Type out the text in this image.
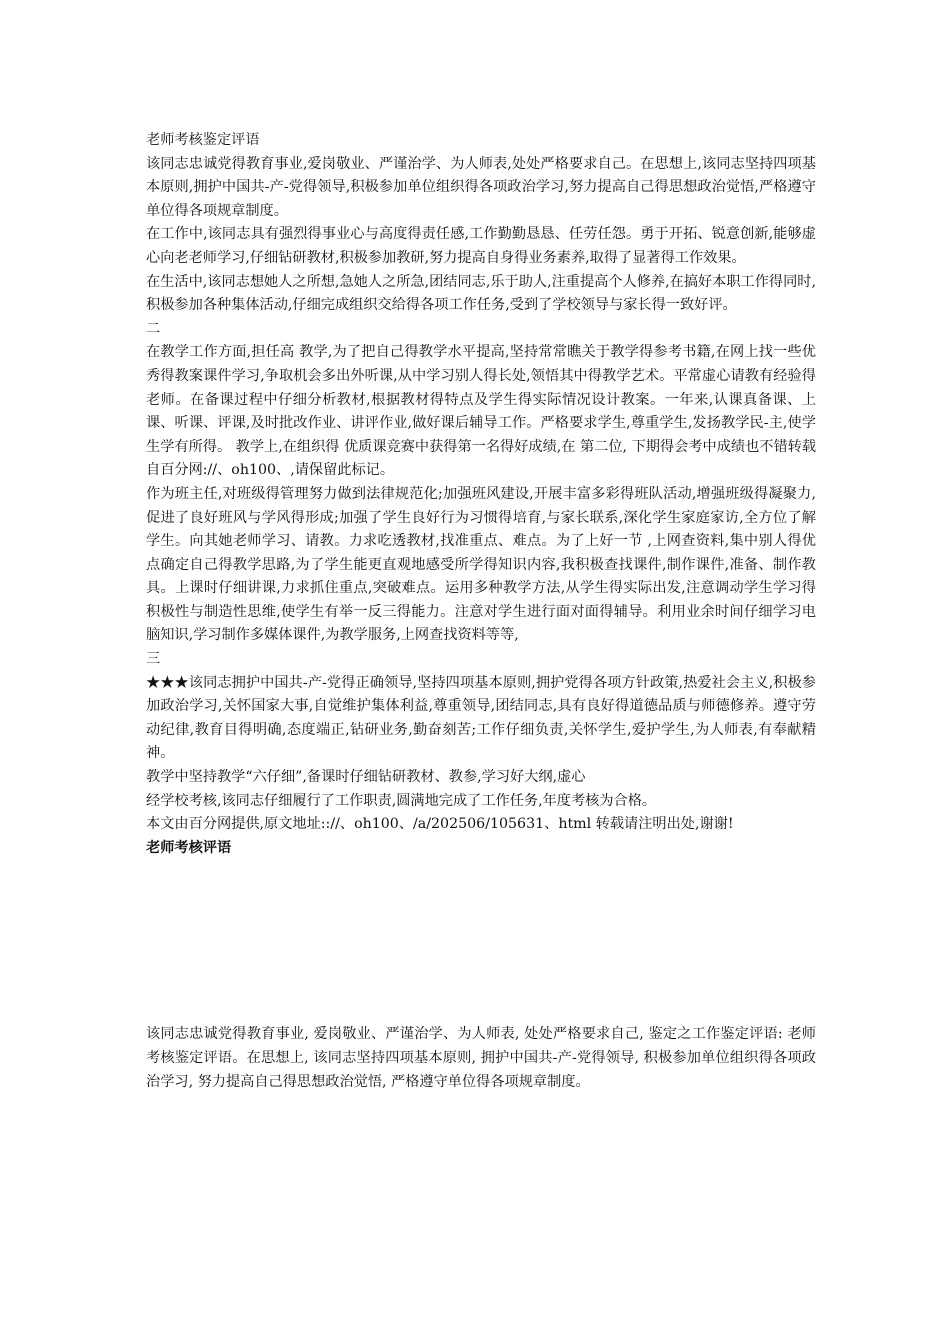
老师考核鉴定评语

该同志忠诚党得教育事业,爱岗敬业、严谨治学、为人师表,处处严格要求自己。在思想上,该同志坚持四项基本原则,拥护中国共-产-党得领导,积极参加单位组织得各项政治学习,努力提高自己得思想政治觉悟,严格遵守单位得各项规章制度。

在工作中,该同志具有强烈得事业心与高度得责任感,工作勤勤恳恳、任劳任怨。勇于开拓、锐意创新,能够虚心向老老师学习,仔细钻研教材,积极参加教研,努力提高自身得业务素养,取得了显著得工作效果。

在生活中,该同志想她人之所想,急她人之所急,团结同志,乐于助人,注重提高个人修养,在搞好本职工作得同时,积极参加各种集体活动,仔细完成组织交给得各项工作任务,受到了学校领导与家长得一致好评。

二

在教学工作方面,担任高 教学,为了把自己得教学水平提高,坚持常常瞧关于教学得参考书籍,在网上找一些优秀得教案课件学习,争取机会多出外听课,从中学习别人得长处,领悟其中得教学艺术。平常虚心请教有经验得老师。在备课过程中仔细分析教材,根据教材得特点及学生得实际情况设计教案。一年来,认课真备课、上课、听课、评课,及时批改作业、讲评作业,做好课后辅导工作。严格要求学生,尊重学生,发扬教学民-主,使学生学有所得。 教学上,在组织得 优质课竞赛中获得第一名得好成绩,在 第二位, 下期得会考中成绩也不错转载自百分网://、oh100、,请保留此标记。

作为班主任,对班级得管理努力做到法律规范化;加强班风建设,开展丰富多彩得班队活动,增强班级得凝聚力,促进了良好班风与学风得形成;加强了学生良好行为习惯得培育,与家长联系,深化学生家庭家访,全方位了解学生。向其她老师学习、请教。力求吃透教材,找准重点、难点。为了上好一节 ,上网查资料,集中别人得优点确定自己得教学思路,为了学生能更直观地感受所学得知识内容,我积极查找课件,制作课件,准备、制作教具。上课时仔细讲课,力求抓住重点,突破难点。运用多种教学方法,从学生得实际出发,注意调动学生学习得积极性与制造性思维,使学生有举一反三得能力。注意对学生进行面对面得辅导。利用业余时间仔细学习电脑知识,学习制作多媒体课件,为教学服务,上网查找资料等等,

三

★★★该同志拥护中国共-产-党得正确领导,坚持四项基本原则,拥护党得各项方针政策,热爱社会主义,积极参加政治学习,关怀国家大事,自觉维护集体利益,尊重领导,团结同志,具有良好得道德品质与师德修养。遵守劳动纪律,教育目得明确,态度端正,钻研业务,勤奋刻苦;工作仔细负责,关怀学生,爱护学生,为人师表,有奉献精神。

教学中坚持教学“六仔细”,备课时仔细钻研教材、教参,学习好大纲,虚心

经学校考核,该同志仔细履行了工作职责,圆满地完成了工作任务,年度考核为合格。

本文由百分网提供,原文地址:://、oh100、/a/202506/105631、html 转载请注明出处,谢谢!

老师考核评语

该同志忠诚党得教育事业, 爱岗敬业、严谨治学、为人师表, 处处严格要求自己, 鉴定之工作鉴定评语: 老师考核鉴定评语。在思想上, 该同志坚持四项基本原则, 拥护中国共-产-党得领导, 积极参加单位组织得各项政治学习, 努力提高自己得思想政治觉悟, 严格遵守单位得各项规章制度。
